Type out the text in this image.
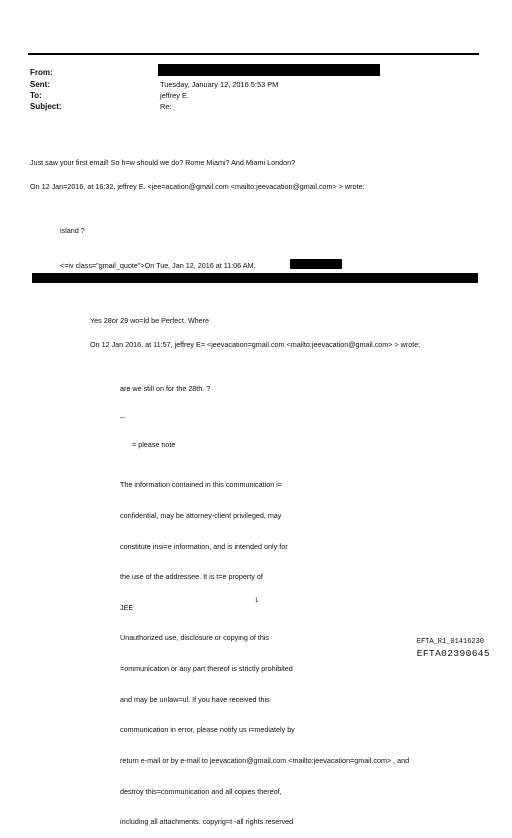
From:
Sent:	Tuesday, January 12, 2016 5:53 PM
To:	jeffrey E.
Subject:	Re:
Just saw your first email! So h=w should we do? Rome Miami? And Miami London?
On 12 Jan=2016, at 16:32, jeffrey E. <jee=acation@gmail.com <mailto:jeevacation@gmail.com> > wrote:
island ?
<=iv class="gmail_quote">On Tue, Jan 12, 2016 at 11:06 AM,
Yes 28or 29 wo=ld be Perfect. Where
On 12 Jan 2016, at 11:57, jeffrey E= <jeevacation=gmail.com <mailto:jeevacation@gmail.com> > wrote:
are we still on for the 28th. ?
--
= please note

The information contained in this communication i=

confidential, may be attorney-client privileged, may

constitute insi=e information, and is intended only for

the use of the addressee. It is t=e property of

JEE

Unauthorized use, disclosure or copying of this

=ommunication or any part thereof is strictly prohibited

and may be unlaw=ul. If you have received this

communication in error, please notify us i=mediately by

return e-mail or by e-mail to jeevacation@gmail.com <mailto:jeevacation=gmail.com> , and

destroy this=communication and all copies thereof,

including all attachments. copyrig=t -all rights reserved

1
EFTA_R1_01416230
EFTA02390645
